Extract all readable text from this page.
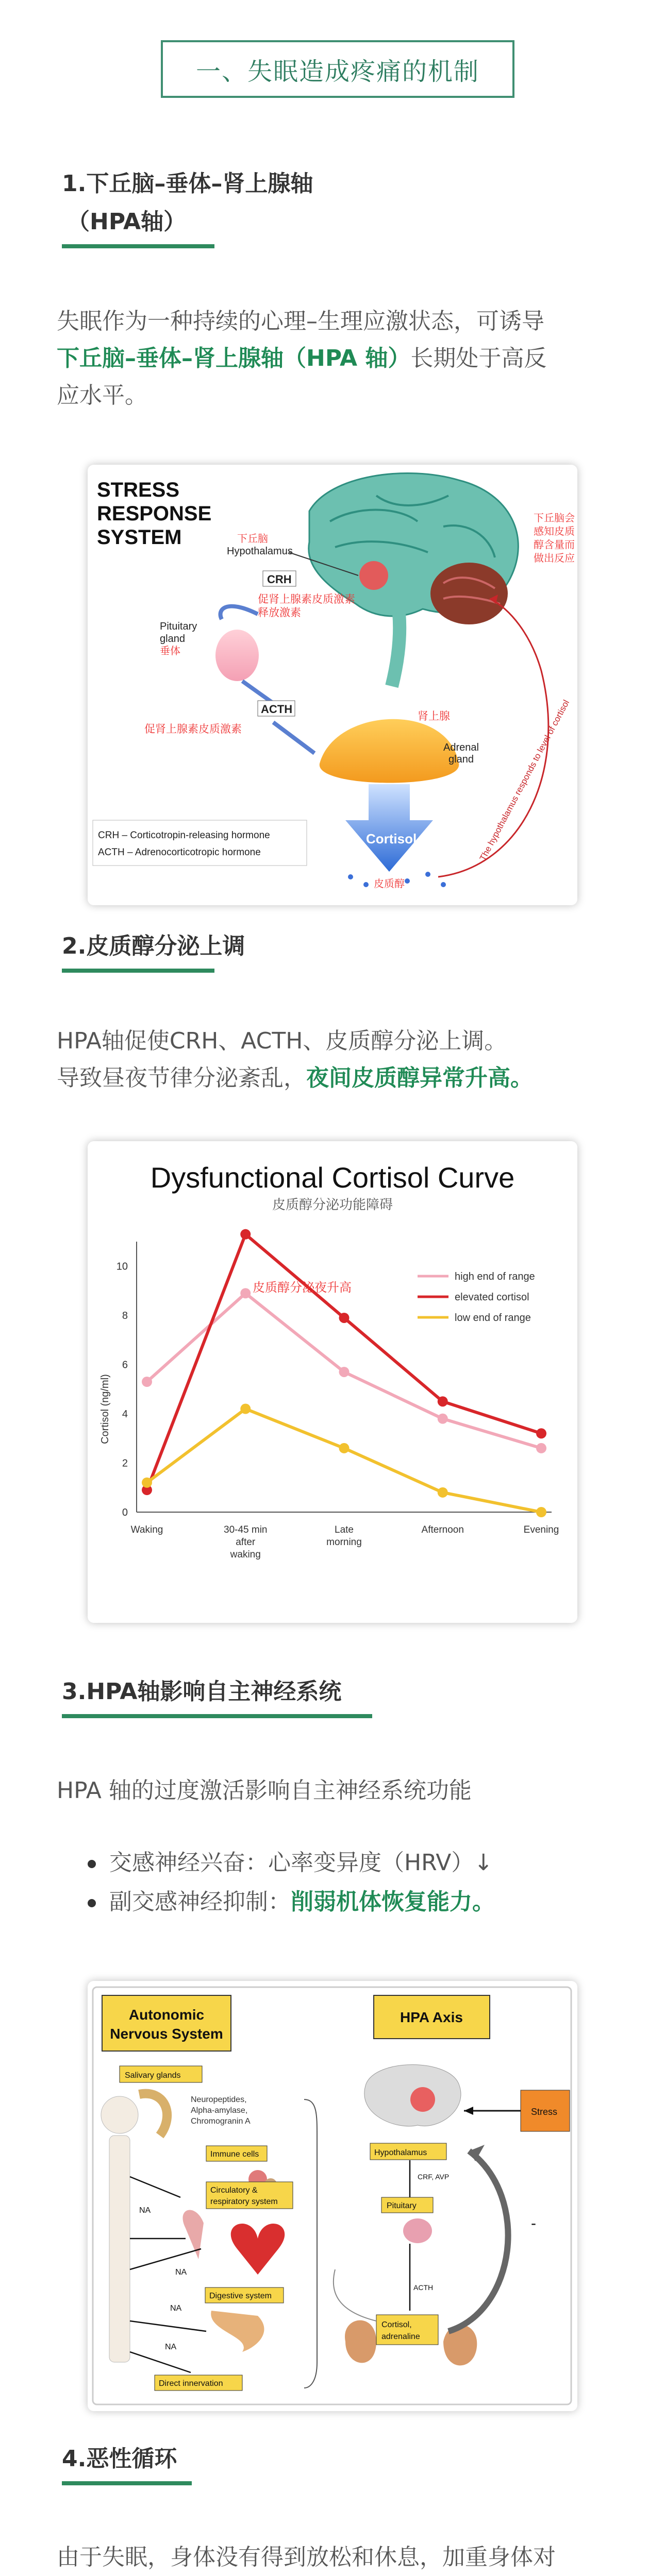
一、失眠造成疼痛的机制
1.下丘脑–垂体–肾上腺轴
（HPA轴）
失眠作为一种持续的心理–生理应激状态，可诱导
下丘脑–垂体–肾上腺轴（HPA 轴）长期处于高反
应水平。
STRESS
RESPONSE
SYSTEM	下丘脑
Hypothalamus
CRH
促肾上腺素皮质激素
释放激素
Pituitary
gland
垂体
ACTH
促肾上腺素皮质激素
肾上腺
Adrenal
gland
Cortisol
皮质醇
The hypothalamus responds to level of cortisol
下丘脑会
感知皮质
醇含量而
做出反应
CRH – Corticotropin-releasing hormone
ACTH – Adrenocorticotropic hormone
2.皮质醇分泌上调
HPA轴促使CRH、ACTH、皮质醇分泌上调。
导致昼夜节律分泌紊乱，夜间皮质醇异常升高。
Dysfunctional Cortisol Curve
皮质醇分泌功能障碍
Cortisol (ng/ml)
0
2
4
6
8
10
Waking	30-45 min
after
waking
Late
morning
Afternoon	Evening
皮质醇分泌夜升高
high end of range
elevated cortisol
low end of range
3.HPA轴影响自主神经系统
HPA 轴的过度激活影响自主神经系统功能
交感神经兴奋：心率变异度（HRV）↓
副交感神经抑制：削弱机体恢复能力。
Autonomic
Nervous System
HPA Axis
Salivary glands
Neuropeptides,
Alpha-amylase,
Chromogranin A
Immune cells
Circulatory &
respiratory system
Digestive system
Direct innervation
NA
NA
NA
NA
Stress
Hypothalamus
CRF, AVP
Pituitary
ACTH
Cortisol,
adrenaline
-
4.恶性循环
由于失眠，身体没有得到放松和休息，加重身体对
